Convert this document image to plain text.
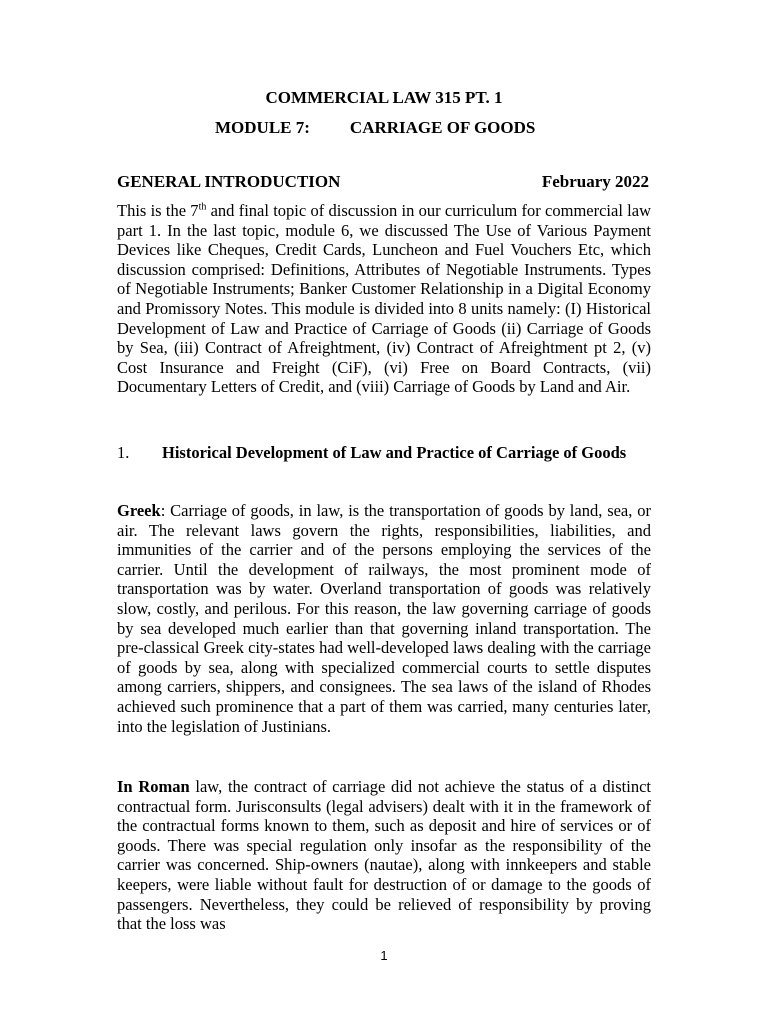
COMMERCIAL LAW 315 PT. 1
MODULE 7: CARRIAGE OF GOODS
GENERAL INTRODUCTION	February 2022
This is the 7th and final topic of discussion in our curriculum for commercial law part 1. In the last topic, module 6, we discussed The Use of Various Payment Devices like Cheques, Credit Cards, Luncheon and Fuel Vouchers Etc, which discussion comprised: Definitions, Attributes of Negotiable Instruments. Types of Negotiable Instruments; Banker Customer Relationship in a Digital Economy and Promissory Notes. This module is divided into 8 units namely: (I) Historical Development of Law and Practice of Carriage of Goods (ii) Carriage of Goods by Sea, (iii) Contract of Afreightment, (iv) Contract of Afreightment pt 2, (v) Cost Insurance and Freight (CiF), (vi) Free on Board Contracts, (vii) Documentary Letters of Credit, and (viii) Carriage of Goods by Land and Air.
1. Historical Development of Law and Practice of Carriage of Goods
Greek: Carriage of goods, in law, is the transportation of goods by land, sea, or air. The relevant laws govern the rights, responsibilities, liabilities, and immunities of the carrier and of the persons employing the services of the carrier. Until the development of railways, the most prominent mode of transportation was by water. Overland transportation of goods was relatively slow, costly, and perilous. For this reason, the law governing carriage of goods by sea developed much earlier than that governing inland transportation. The pre-classical Greek city-states had well-developed laws dealing with the carriage of goods by sea, along with specialized commercial courts to settle disputes among carriers, shippers, and consignees. The sea laws of the island of Rhodes achieved such prominence that a part of them was carried, many centuries later, into the legislation of Justinians.
In Roman law, the contract of carriage did not achieve the status of a distinct contractual form. Jurisconsults (legal advisers) dealt with it in the framework of the contractual forms known to them, such as deposit and hire of services or of goods. There was special regulation only insofar as the responsibility of the carrier was concerned. Ship-owners (nautae), along with innkeepers and stable keepers, were liable without fault for destruction of or damage to the goods of passengers. Nevertheless, they could be relieved of responsibility by proving that the loss was
1
